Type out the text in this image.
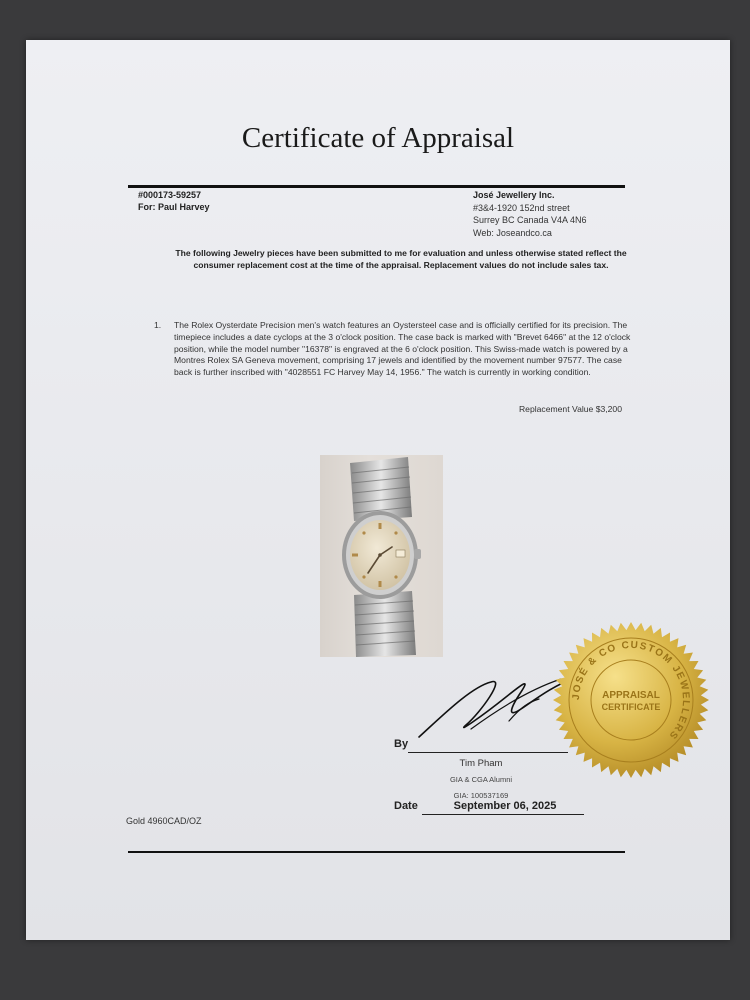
Certificate of Appraisal
#000173-59257
For: Paul Harvey
José Jewellery Inc.
#3&4-1920 152nd street
Surrey BC Canada V4A 4N6
Web: Joseandco.ca
The following Jewelry pieces have been submitted to me for evaluation and unless otherwise stated reflect the consumer replacement cost at the time of the appraisal. Replacement values do not include sales tax.
1. The Rolex Oysterdate Precision men's watch features an Oystersteel case and is officially certified for its precision. The timepiece includes a date cyclops at the 3 o'clock position. The case back is marked with "Brevet 6466" at the 12 o'clock position, while the model number "16378" is engraved at the 6 o'clock position. This Swiss-made watch is powered by a Montres Rolex SA Geneva movement, comprising 17 jewels and identified by the movement number 97577. The case back is further inscribed with "4028551 FC Harvey May 14, 1956." The watch is currently in working condition.
Replacement Value $3,200
By
Tim Pham
GIA & CGA Alumni
GIA: 100537169
Date	September 06, 2025
Gold 4960CAD/OZ
JOSÉ & CO CUSTOM JEWELLERS
APPRAISAL
CERTIFICATE
